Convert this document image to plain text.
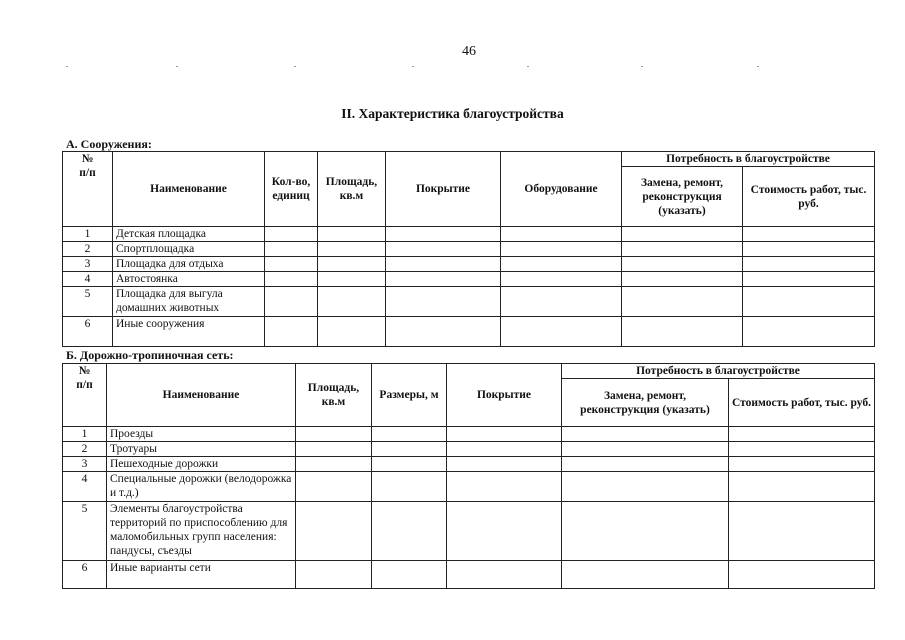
46
II. Характеристика благоустройства
А. Сооружения:
№
п/п	Наименование	Кол-во, единиц	Площадь, кв.м	Покрытие	Оборудование	Потребность в благоустройстве	
						Замена, ремонт, реконструкция (указать)	Стоимость работ, тыс. руб.
1	Детская площадка						
2	Спортплощадка						
3	Площадка для отдыха						
4	Автостоянка						
5	Площадка для выгула домашних животных						
6	Иные сооружения						
Б. Дорожно-тропиночная сеть:
№
п/п	Наименование	Площадь, кв.м	Размеры, м	Покрытие	Потребность в благоустройстве	
					Замена, ремонт, реконструкция (указать)	Стоимость работ, тыс. руб.
1	Проезды					
2	Тротуары					
3	Пешеходные дорожки					
4	Специальные дорожки (велодорожка и т.д.)					
5	Элементы благоустройства территорий по приспособлению для маломобильных групп населения: пандусы, съезды					
6	Иные варианты сети					
